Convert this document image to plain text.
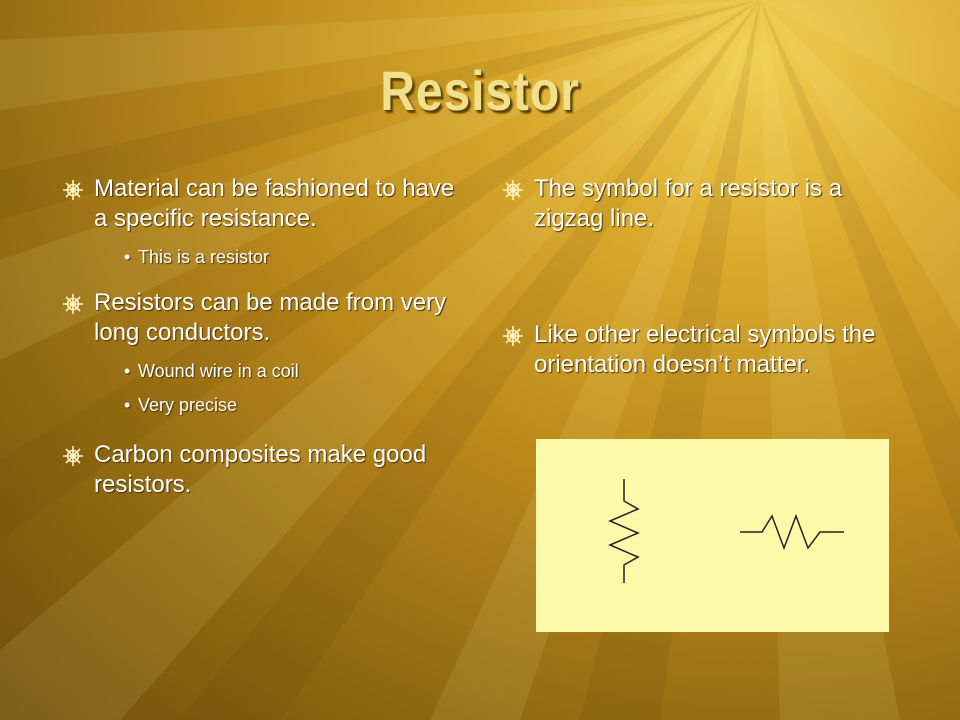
Resistor
Material can be fashioned to have a specific resistance.
• This is a resistor
Resistors can be made from very long conductors.
• Wound wire in a coil
• Very precise
Carbon composites make good resistors.
The symbol for a resistor is a zigzag line.
Like other electrical symbols the orientation doesn’t matter.
